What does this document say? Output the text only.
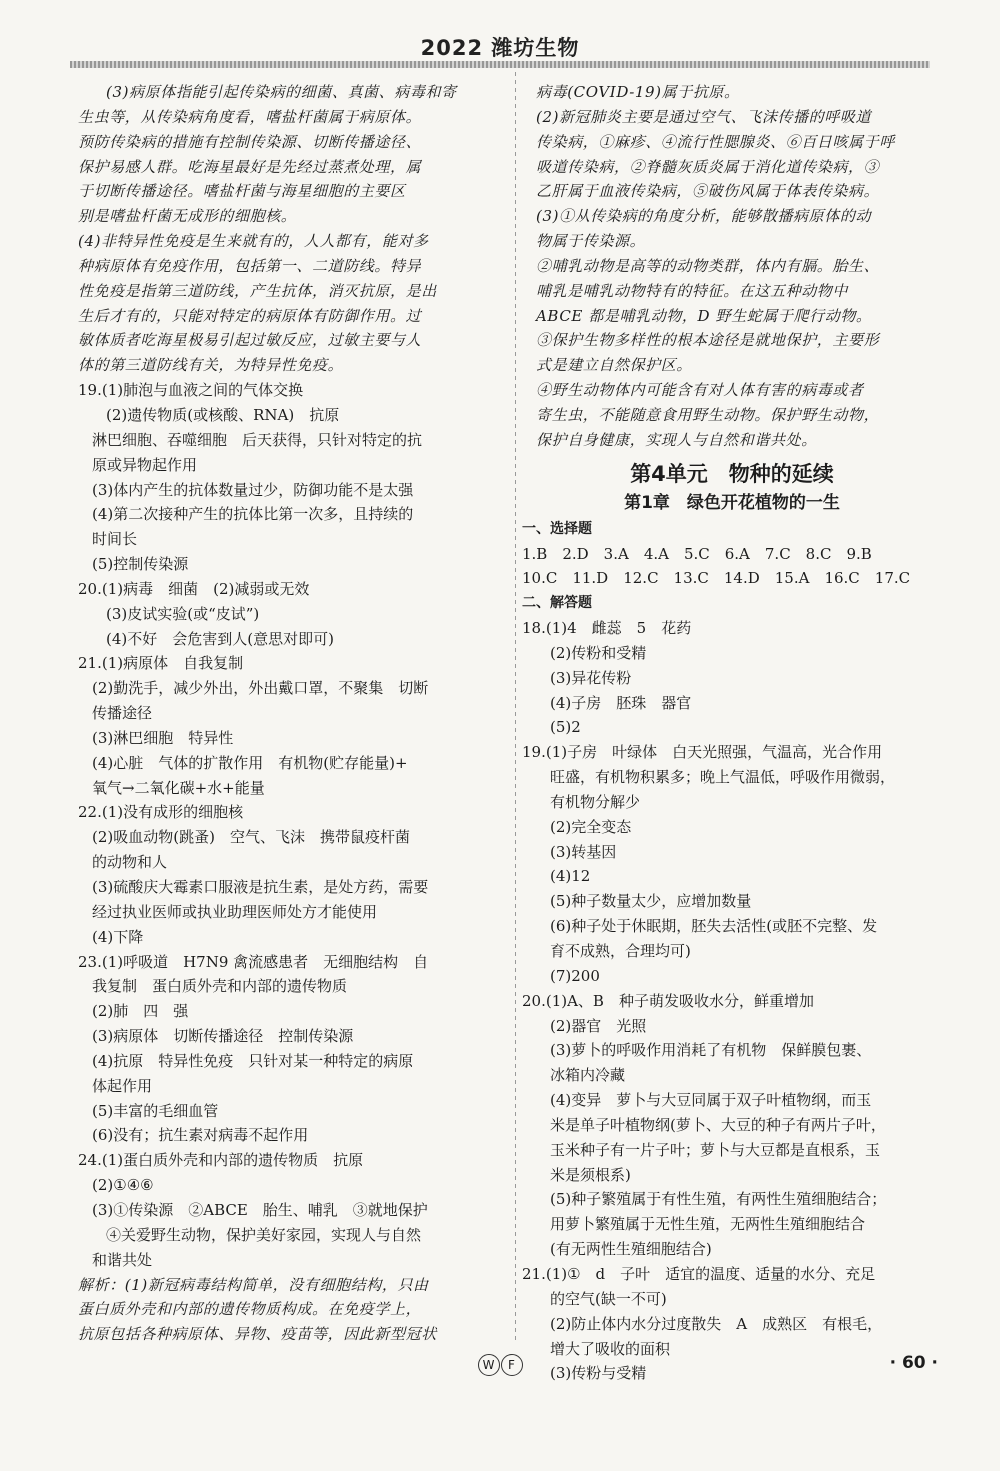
2022 潍坊生物
(3)病原体指能引起传染病的细菌、真菌、病毒和寄
生虫等，从传染病角度看，嗜盐杆菌属于病原体。
预防传染病的措施有控制传染源、切断传播途径、
保护易感人群。吃海星最好是先经过蒸煮处理，属
于切断传播途径。嗜盐杆菌与海星细胞的主要区
别是嗜盐杆菌无成形的细胞核。
(4)非特异性免疫是生来就有的，人人都有，能对多
种病原体有免疫作用，包括第一、二道防线。特异
性免疫是指第三道防线，产生抗体，消灭抗原，是出
生后才有的，只能对特定的病原体有防御作用。过
敏体质者吃海星极易引起过敏反应，过敏主要与人
体的第三道防线有关，为特异性免疫。
19.(1)肺泡与血液之间的气体交换
(2)遗传物质(或核酸、RNA)　抗原
淋巴细胞、吞噬细胞　后天获得，只针对特定的抗
原或异物起作用
(3)体内产生的抗体数量过少，防御功能不是太强
(4)第二次接种产生的抗体比第一次多，且持续的
时间长
(5)控制传染源
20.(1)病毒　细菌　(2)减弱或无效
(3)皮试实验(或“皮试”)
(4)不好　会危害到人(意思对即可)
21.(1)病原体　自我复制
(2)勤洗手，减少外出，外出戴口罩，不聚集　切断
传播途径
(3)淋巴细胞　特异性
(4)心脏　气体的扩散作用　有机物(贮存能量)+
氧气→二氧化碳+水+能量
22.(1)没有成形的细胞核
(2)吸血动物(跳蚤)　空气、飞沫　携带鼠疫杆菌
的动物和人
(3)硫酸庆大霉素口服液是抗生素，是处方药，需要
经过执业医师或执业助理医师处方才能使用
(4)下降
23.(1)呼吸道　H7N9 禽流感患者　无细胞结构　自
我复制　蛋白质外壳和内部的遗传物质
(2)肺　四　强
(3)病原体　切断传播途径　控制传染源
(4)抗原　特异性免疫　只针对某一种特定的病原
体起作用
(5)丰富的毛细血管
(6)没有；抗生素对病毒不起作用
24.(1)蛋白质外壳和内部的遗传物质　抗原
(2)①④⑥
(3)①传染源　②ABCE　胎生、哺乳　③就地保护
④关爱野生动物，保护美好家园，实现人与自然
和谐共处
解析：(1)新冠病毒结构简单，没有细胞结构，只由
蛋白质外壳和内部的遗传物质构成。在免疫学上，
抗原包括各种病原体、异物、疫苗等，因此新型冠状
病毒(COVID-19)属于抗原。
(2)新冠肺炎主要是通过空气、飞沫传播的呼吸道
传染病，①麻疹、④流行性腮腺炎、⑥百日咳属于呼
吸道传染病，②脊髓灰质炎属于消化道传染病，③
乙肝属于血液传染病，⑤破伤风属于体表传染病。
(3)①从传染病的角度分析，能够散播病原体的动
物属于传染源。
②哺乳动物是高等的动物类群，体内有膈。胎生、
哺乳是哺乳动物特有的特征。在这五种动物中
ABCE 都是哺乳动物，D 野生蛇属于爬行动物。
③保护生物多样性的根本途径是就地保护，主要形
式是建立自然保护区。
④野生动物体内可能含有对人体有害的病毒或者
寄生虫，不能随意食用野生动物。保护野生动物，
保护自身健康，实现人与自然和谐共处。
第4单元　物种的延续
第1章　绿色开花植物的一生
一、选择题
1.B　2.D　3.A　4.A　5.C　6.A　7.C　8.C　9.B
10.C　11.D　12.C　13.C　14.D　15.A　16.C　17.C
二、解答题
18.(1)4　雌蕊　5　花药
(2)传粉和受精
(3)异花传粉
(4)子房　胚珠　器官
(5)2
19.(1)子房　叶绿体　白天光照强，气温高，光合作用
旺盛，有机物积累多；晚上气温低，呼吸作用微弱，
有机物分解少
(2)完全变态
(3)转基因
(4)12
(5)种子数量太少，应增加数量
(6)种子处于休眠期，胚失去活性(或胚不完整、发
育不成熟，合理均可)
(7)200
20.(1)A、B　种子萌发吸收水分，鲜重增加
(2)器官　光照
(3)萝卜的呼吸作用消耗了有机物　保鲜膜包裹、
冰箱内冷藏
(4)变异　萝卜与大豆同属于双子叶植物纲，而玉
米是单子叶植物纲(萝卜、大豆的种子有两片子叶，
玉米种子有一片子叶；萝卜与大豆都是直根系，玉
米是须根系)
(5)种子繁殖属于有性生殖，有两性生殖细胞结合；
用萝卜繁殖属于无性生殖，无两性生殖细胞结合
(有无两性生殖细胞结合)
21.(1)①　d　子叶　适宜的温度、适量的水分、充足
的空气(缺一不可)
(2)防止体内水分过度散失　A　成熟区　有根毛，
增大了吸收的面积
(3)传粉与受精
W	F	· 60 ·
